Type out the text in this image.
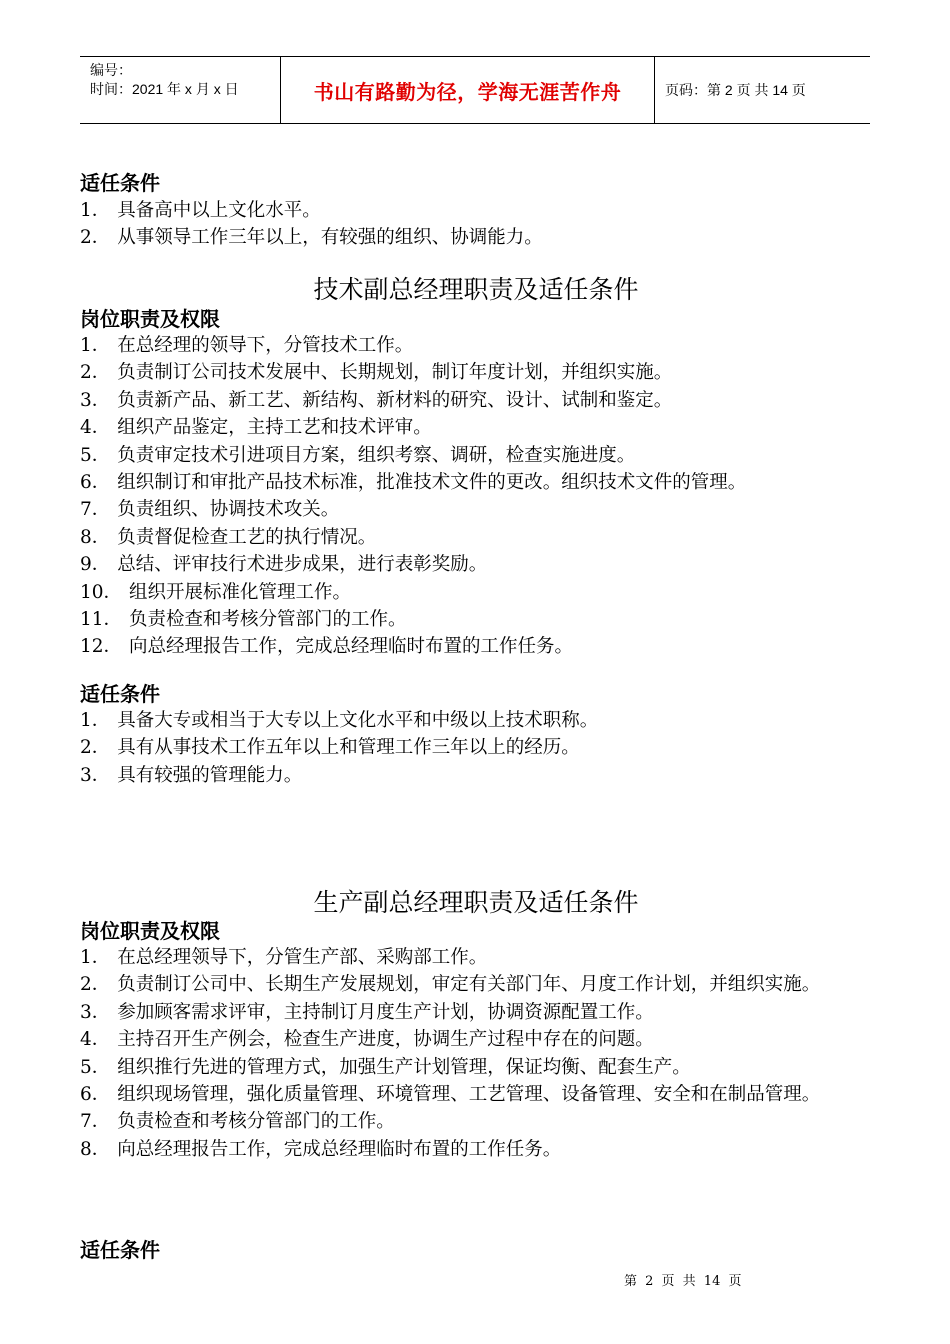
编号：
时间：2021 年 x 月 x 日	书山有路勤为径，学海无涯苦作舟	页码：第 2 页 共 14 页
适任条件
1． 具备高中以上文化水平。
2． 从事领导工作三年以上，有较强的组织、协调能力。
技术副总经理职责及适任条件
岗位职责及权限
1． 在总经理的领导下，分管技术工作。
2． 负责制订公司技术发展中、长期规划，制订年度计划，并组织实施。
3． 负责新产品、新工艺、新结构、新材料的研究、设计、试制和鉴定。
4． 组织产品鉴定，主持工艺和技术评审。
5． 负责审定技术引进项目方案，组织考察、调研，检查实施进度。
6． 组织制订和审批产品技术标准，批准技术文件的更改。组织技术文件的管理。
7． 负责组织、协调技术攻关。
8． 负责督促检查工艺的执行情况。
9． 总结、评审技行术进步成果，进行表彰奖励。
10． 组织开展标准化管理工作。
11． 负责检查和考核分管部门的工作。
12． 向总经理报告工作，完成总经理临时布置的工作任务。
适任条件
1． 具备大专或相当于大专以上文化水平和中级以上技术职称。
2． 具有从事技术工作五年以上和管理工作三年以上的经历。
3． 具有较强的管理能力。
生产副总经理职责及适任条件
岗位职责及权限
1． 在总经理领导下，分管生产部、采购部工作。
2． 负责制订公司中、长期生产发展规划，审定有关部门年、月度工作计划，并组织实施。
3． 参加顾客需求评审，主持制订月度生产计划，协调资源配置工作。
4． 主持召开生产例会，检查生产进度，协调生产过程中存在的问题。
5． 组织推行先进的管理方式，加强生产计划管理，保证均衡、配套生产。
6． 组织现场管理，强化质量管理、环境管理、工艺管理、设备管理、安全和在制品管理。
7． 负责检查和考核分管部门的工作。
8． 向总经理报告工作，完成总经理临时布置的工作任务。
适任条件
第 2 页 共 14 页
